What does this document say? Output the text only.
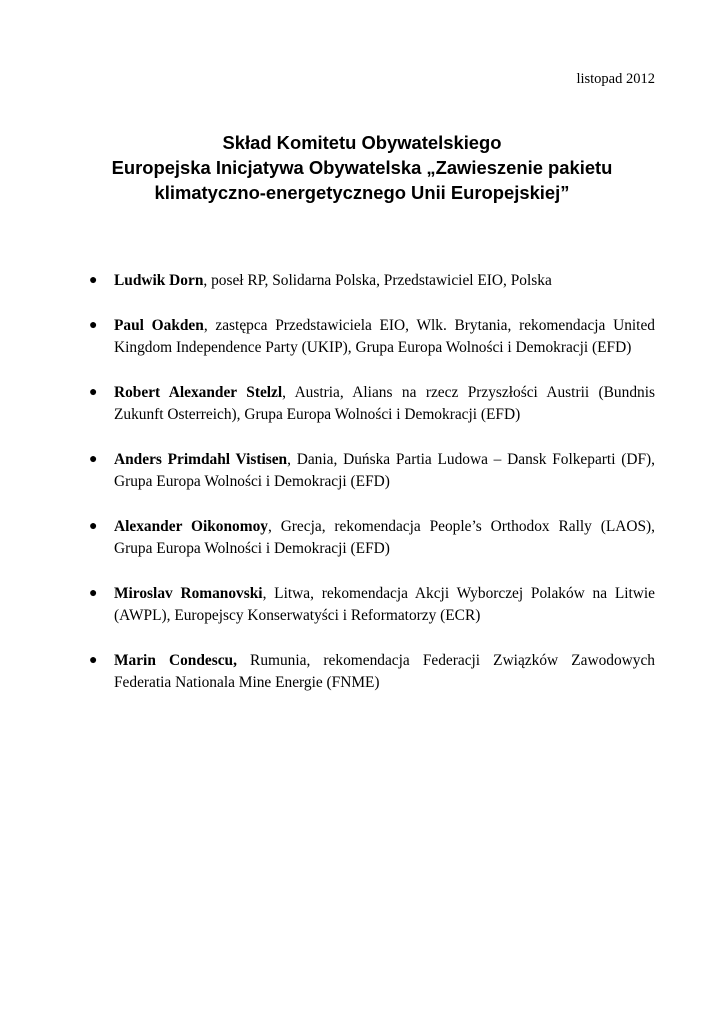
listopad 2012
Skład Komitetu Obywatelskiego
Europejska Inicjatywa Obywatelska „Zawieszenie pakietu
klimatyczno-energetycznego Unii Europejskiej”
● Ludwik Dorn, poseł RP, Solidarna Polska, Przedstawiciel EIO, Polska
● Paul Oakden, zastępca Przedstawiciela EIO, Wlk. Brytania, rekomendacja United Kingdom Independence Party (UKIP), Grupa Europa Wolności i Demokracji (EFD)
● Robert Alexander Stelzl, Austria, Alians na rzecz Przyszłości Austrii (Bundnis Zukunft Osterreich), Grupa Europa Wolności i Demokracji (EFD)
● Anders Primdahl Vistisen, Dania, Duńska Partia Ludowa – Dansk Folkeparti (DF), Grupa Europa Wolności i Demokracji (EFD)
● Alexander Oikonomoy, Grecja, rekomendacja People’s Orthodox Rally (LAOS), Grupa Europa Wolności i Demokracji (EFD)
● Miroslav Romanovski, Litwa, rekomendacja Akcji Wyborczej Polaków na Litwie (AWPL), Europejscy Konserwatyści i Reformatorzy (ECR)
● Marin Condescu, Rumunia, rekomendacja Federacji Związków Zawodowych Federatia Nationala Mine Energie (FNME)
